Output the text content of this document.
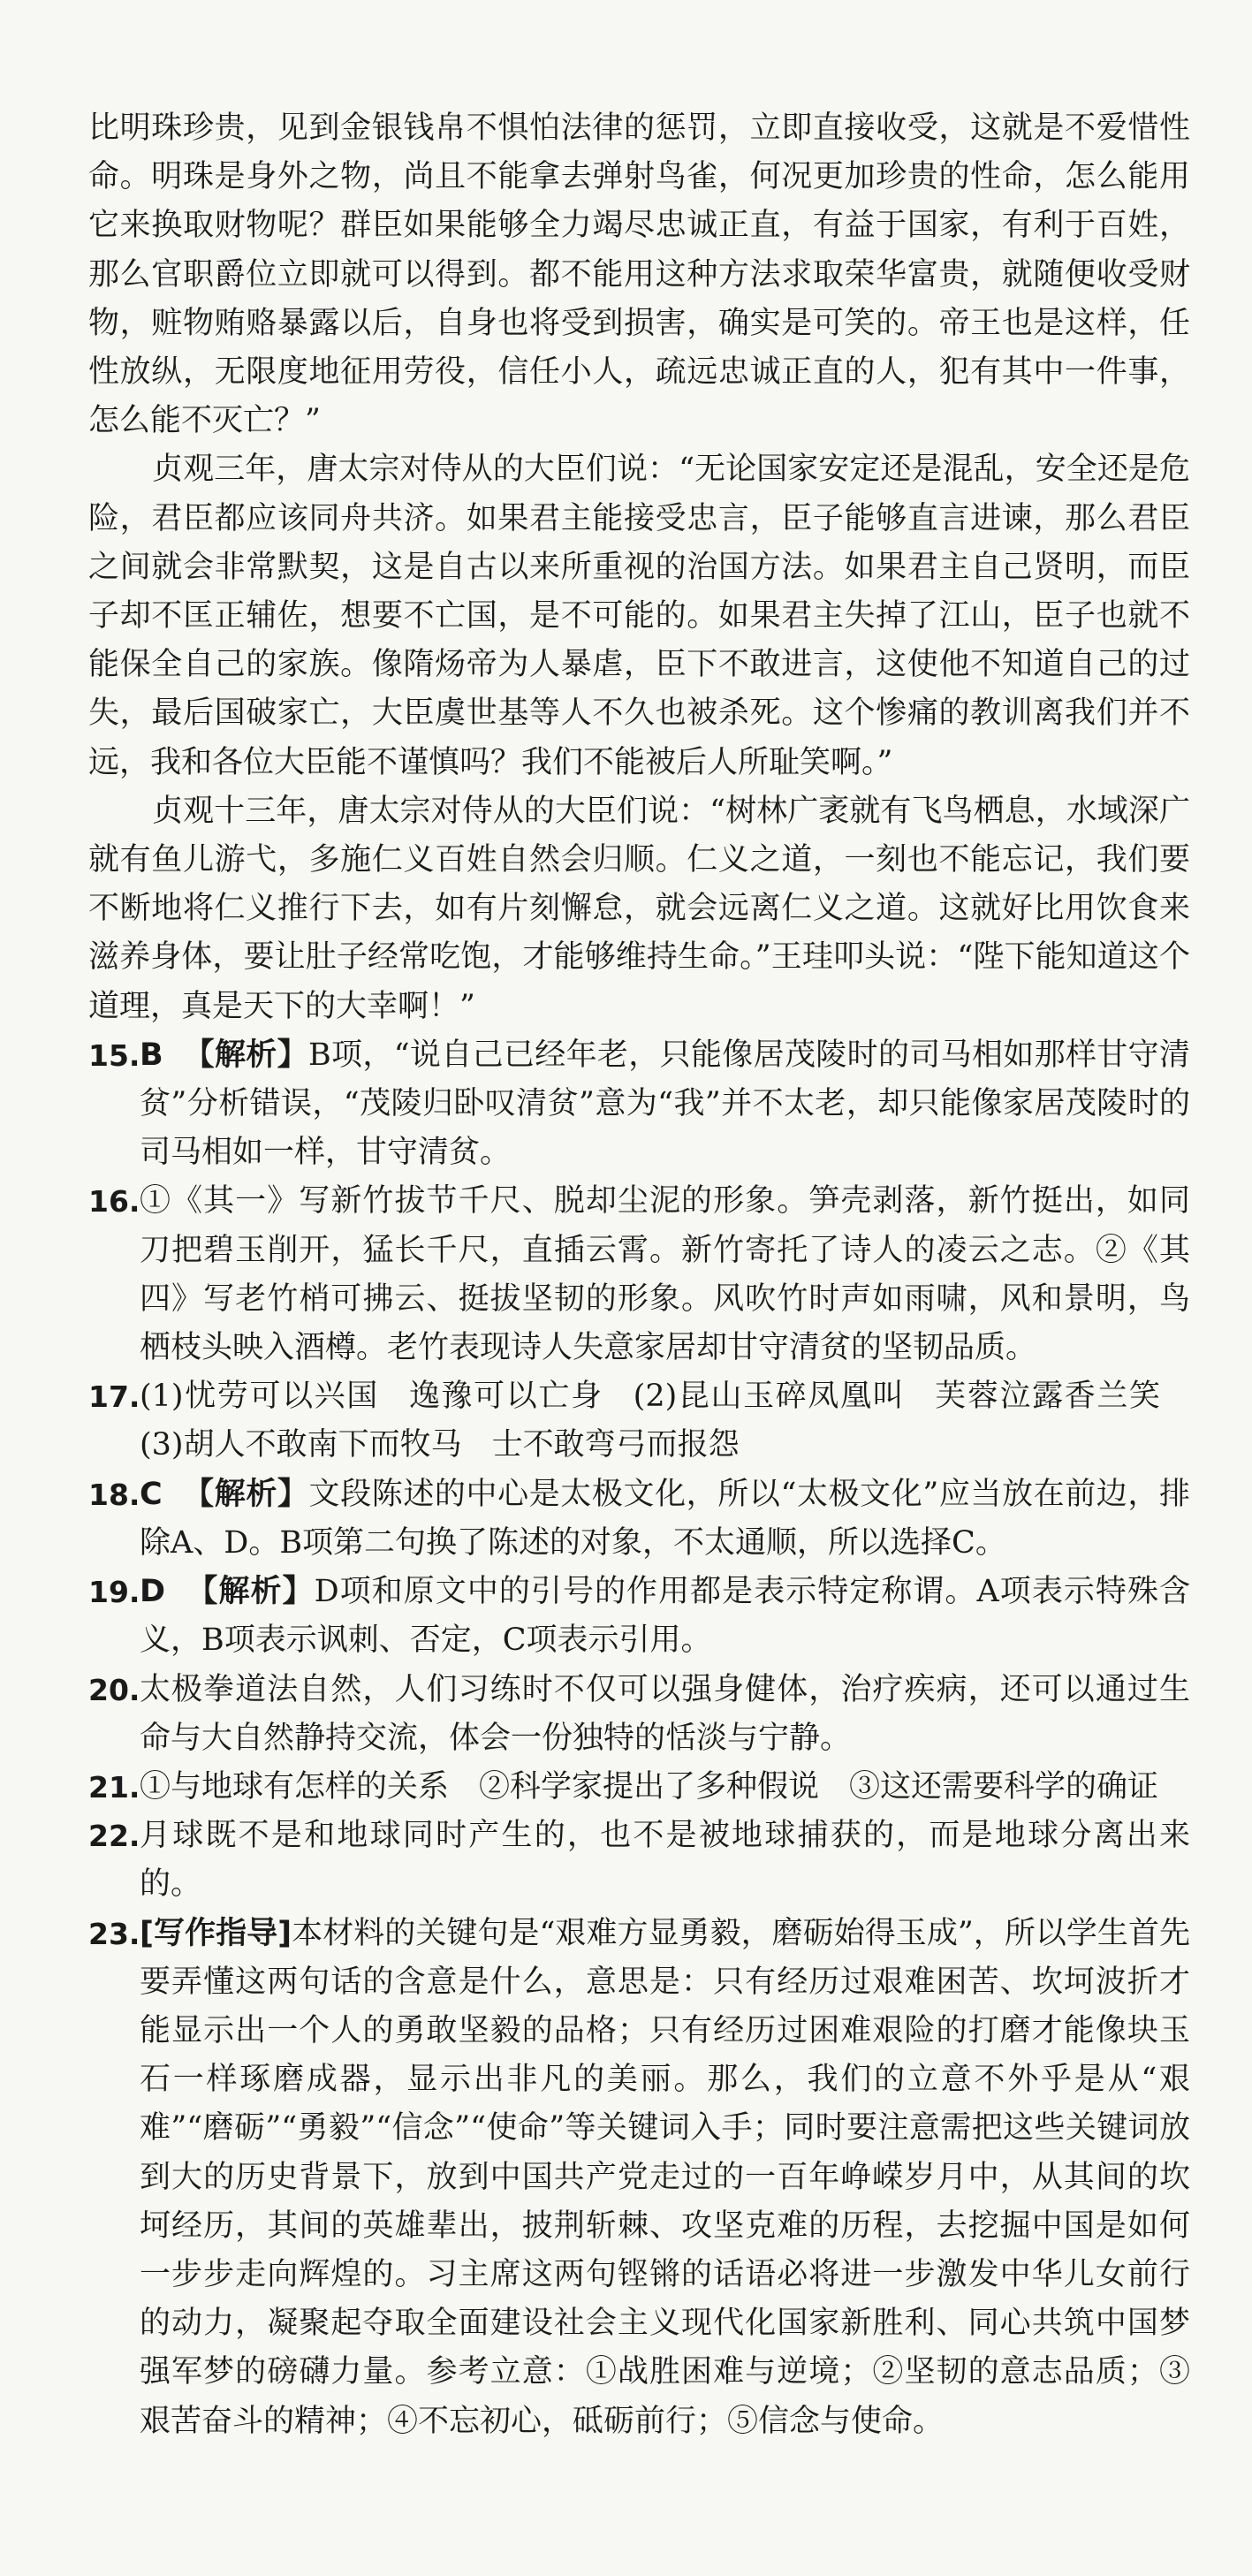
比明珠珍贵，见到金银钱帛不惧怕法律的惩罚，立即直接收受，这就是不爱惜性命。明珠是身外之物，尚且不能拿去弹射鸟雀，何况更加珍贵的性命，怎么能用它来换取财物呢？群臣如果能够全力竭尽忠诚正直，有益于国家，有利于百姓，那么官职爵位立即就可以得到。都不能用这种方法求取荣华富贵，就随便收受财物，赃物贿赂暴露以后，自身也将受到损害，确实是可笑的。帝王也是这样，任性放纵，无限度地征用劳役，信任小人，疏远忠诚正直的人，犯有其中一件事，怎么能不灭亡？”

贞观三年，唐太宗对侍从的大臣们说：“无论国家安定还是混乱，安全还是危险，君臣都应该同舟共济。如果君主能接受忠言，臣子能够直言进谏，那么君臣之间就会非常默契，这是自古以来所重视的治国方法。如果君主自己贤明，而臣子却不匡正辅佐，想要不亡国，是不可能的。如果君主失掉了江山，臣子也就不能保全自己的家族。像隋炀帝为人暴虐，臣下不敢进言，这使他不知道自己的过失，最后国破家亡，大臣虞世基等人不久也被杀死。这个惨痛的教训离我们并不远，我和各位大臣能不谨慎吗？我们不能被后人所耻笑啊。”

贞观十三年，唐太宗对侍从的大臣们说：“树林广袤就有飞鸟栖息，水域深广就有鱼儿游弋，多施仁义百姓自然会归顺。仁义之道，一刻也不能忘记，我们要不断地将仁义推行下去，如有片刻懈怠，就会远离仁义之道。这就好比用饮食来滋养身体，要让肚子经常吃饱，才能够维持生命。”王珪叩头说：“陛下能知道这个道理，真是天下的大幸啊！”

15. B 【解析】B项，“说自己已经年老，只能像居茂陵时的司马相如那样甘守清贫”分析错误，“茂陵归卧叹清贫”意为“我”并不太老，却只能像家居茂陵时的司马相如一样，甘守清贫。
16. ①《其一》写新竹拔节千尺、脱却尘泥的形象。笋壳剥落，新竹挺出，如同刀把碧玉削开，猛长千尺，直插云霄。新竹寄托了诗人的凌云之志。②《其四》写老竹梢可拂云、挺拔坚韧的形象。风吹竹时声如雨啸，风和景明，鸟栖枝头映入酒樽。老竹表现诗人失意家居却甘守清贫的坚韧品质。
17. (1)忧劳可以兴国 逸豫可以亡身 (2)昆山玉碎凤凰叫 芙蓉泣露香兰笑(3)胡人不敢南下而牧马 士不敢弯弓而报怨
18. C 【解析】文段陈述的中心是太极文化，所以“太极文化”应当放在前边，排除A、D。B项第二句换了陈述的对象，不太通顺，所以选择C。
19. D 【解析】D项和原文中的引号的作用都是表示特定称谓。A项表示特殊含义，B项表示讽刺、否定，C项表示引用。
20. 太极拳道法自然，人们习练时不仅可以强身健体，治疗疾病，还可以通过生命与大自然静持交流，体会一份独特的恬淡与宁静。
21. ①与地球有怎样的关系 ②科学家提出了多种假说 ③这还需要科学的确证
22. 月球既不是和地球同时产生的，也不是被地球捕获的，而是地球分离出来的。
23. [写作指导]本材料的关键句是“艰难方显勇毅，磨砺始得玉成”，所以学生首先要弄懂这两句话的含意是什么，意思是：只有经历过艰难困苦、坎坷波折才能显示出一个人的勇敢坚毅的品格；只有经历过困难艰险的打磨才能像块玉石一样琢磨成器，显示出非凡的美丽。那么，我们的立意不外乎是从“艰难”“磨砺”“勇毅”“信念”“使命”等关键词入手；同时要注意需把这些关键词放到大的历史背景下，放到中国共产党走过的一百年峥嵘岁月中，从其间的坎坷经历，其间的英雄辈出，披荆斩棘、攻坚克难的历程，去挖掘中国是如何一步步走向辉煌的。习主席这两句铿锵的话语必将进一步激发中华儿女前行的动力，凝聚起夺取全面建设社会主义现代化国家新胜利、同心共筑中国梦强军梦的磅礴力量。参考立意：①战胜困难与逆境；②坚韧的意志品质；③艰苦奋斗的精神；④不忘初心，砥砺前行；⑤信念与使命。
